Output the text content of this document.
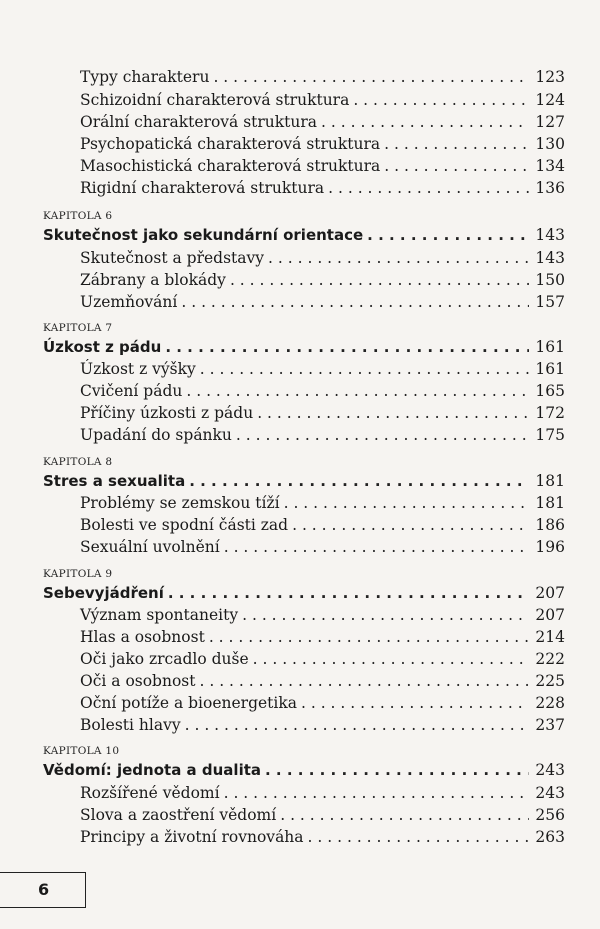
Typy charakteru . . .	123
Schizoidní charakterová struktura . . .	124
Orální charakterová struktura . . .	127
Psychopatická charakterová struktura . . .	130
Masochistická charakterová struktura . . .	134
Rigidní charakterová struktura . . .	136
KAPITOLA 6
Skutečnost jako sekundární orientace . . .	143
Skutečnost a představy . . .	143
Zábrany a blokády . . .	150
Uzemňování . . .	157
KAPITOLA 7
Úzkost z pádu . . .	161
Úzkost z výšky . . .	161
Cvičení pádu . . .	165
Příčiny úzkosti z pádu . . .	172
Upadání do spánku . . .	175
KAPITOLA 8
Stres a sexualita . . .	181
Problémy se zemskou tíží . . .	181
Bolesti ve spodní části zad . . .	186
Sexuální uvolnění . . .	196
KAPITOLA 9
Sebevyjádření . . .	207
Význam spontaneity . . .	207
Hlas a osobnost . . .	214
Oči jako zrcadlo duše . . .	222
Oči a osobnost . . .	225
Oční potíže a bioenergetika . . .	228
Bolesti hlavy . . .	237
KAPITOLA 10
Vědomí: jednota a dualita . . .	243
Rozšířené vědomí . . .	243
Slova a zaostření vědomí . . .	256
Principy a životní rovnováha . . .	263
6
